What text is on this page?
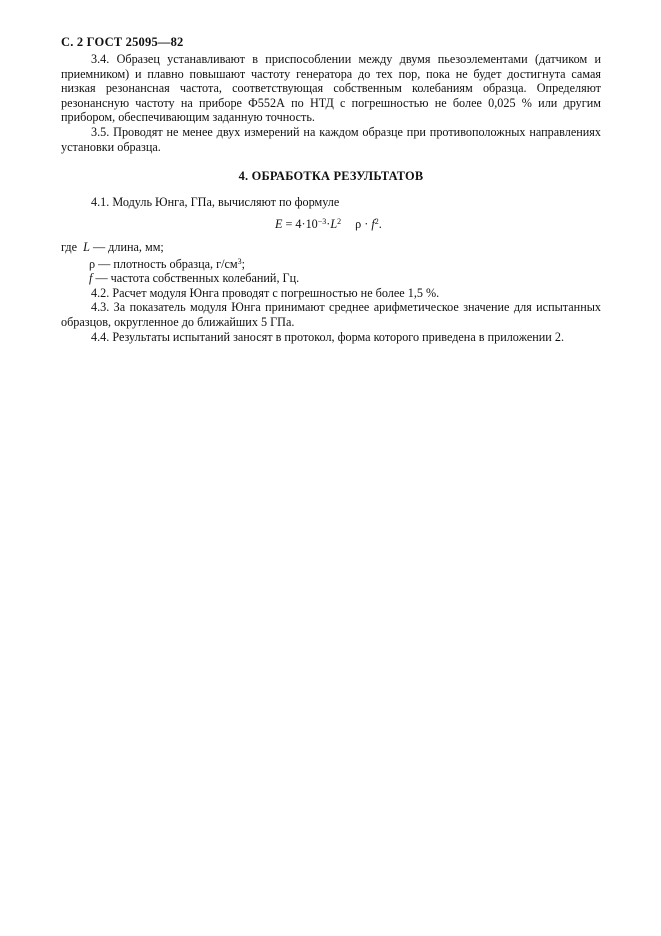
С. 2 ГОСТ 25095—82

3.4. Образец устанавливают в приспособлении между двумя пьезоэлементами (датчиком и приемником) и плавно повышают частоту генератора до тех пор, пока не будет достигнута самая низкая резонансная частота, соответствующая собственным колебаниям образца. Определяют резонансную частоту на приборе Ф552А по НТД с погрешностью не более 0,025 % или другим прибором, обеспечивающим заданную точность.

3.5. Проводят не менее двух измерений на каждом образце при противоположных направлениях установки образца.

4. ОБРАБОТКА РЕЗУЛЬТАТОВ

4.1. Модуль Юнга, ГПа, вычисляют по формуле

$E = 4\cdot 10^{-3}\cdot L^2$ $\rho \cdot f^2$.

где L — длина, мм;

ρ — плотность образца, $г/см^3$;

f — частота собственных колебаний, Гц.

4.2. Расчет модуля Юнга проводят с погрешностью не более 1,5 %.

4.3. За показатель модуля Юнга принимают среднее арифметическое значение для испытанных образцов, округленное до ближайших 5 ГПа.

4.4. Результаты испытаний заносят в протокол, форма которого приведена в приложении 2.
